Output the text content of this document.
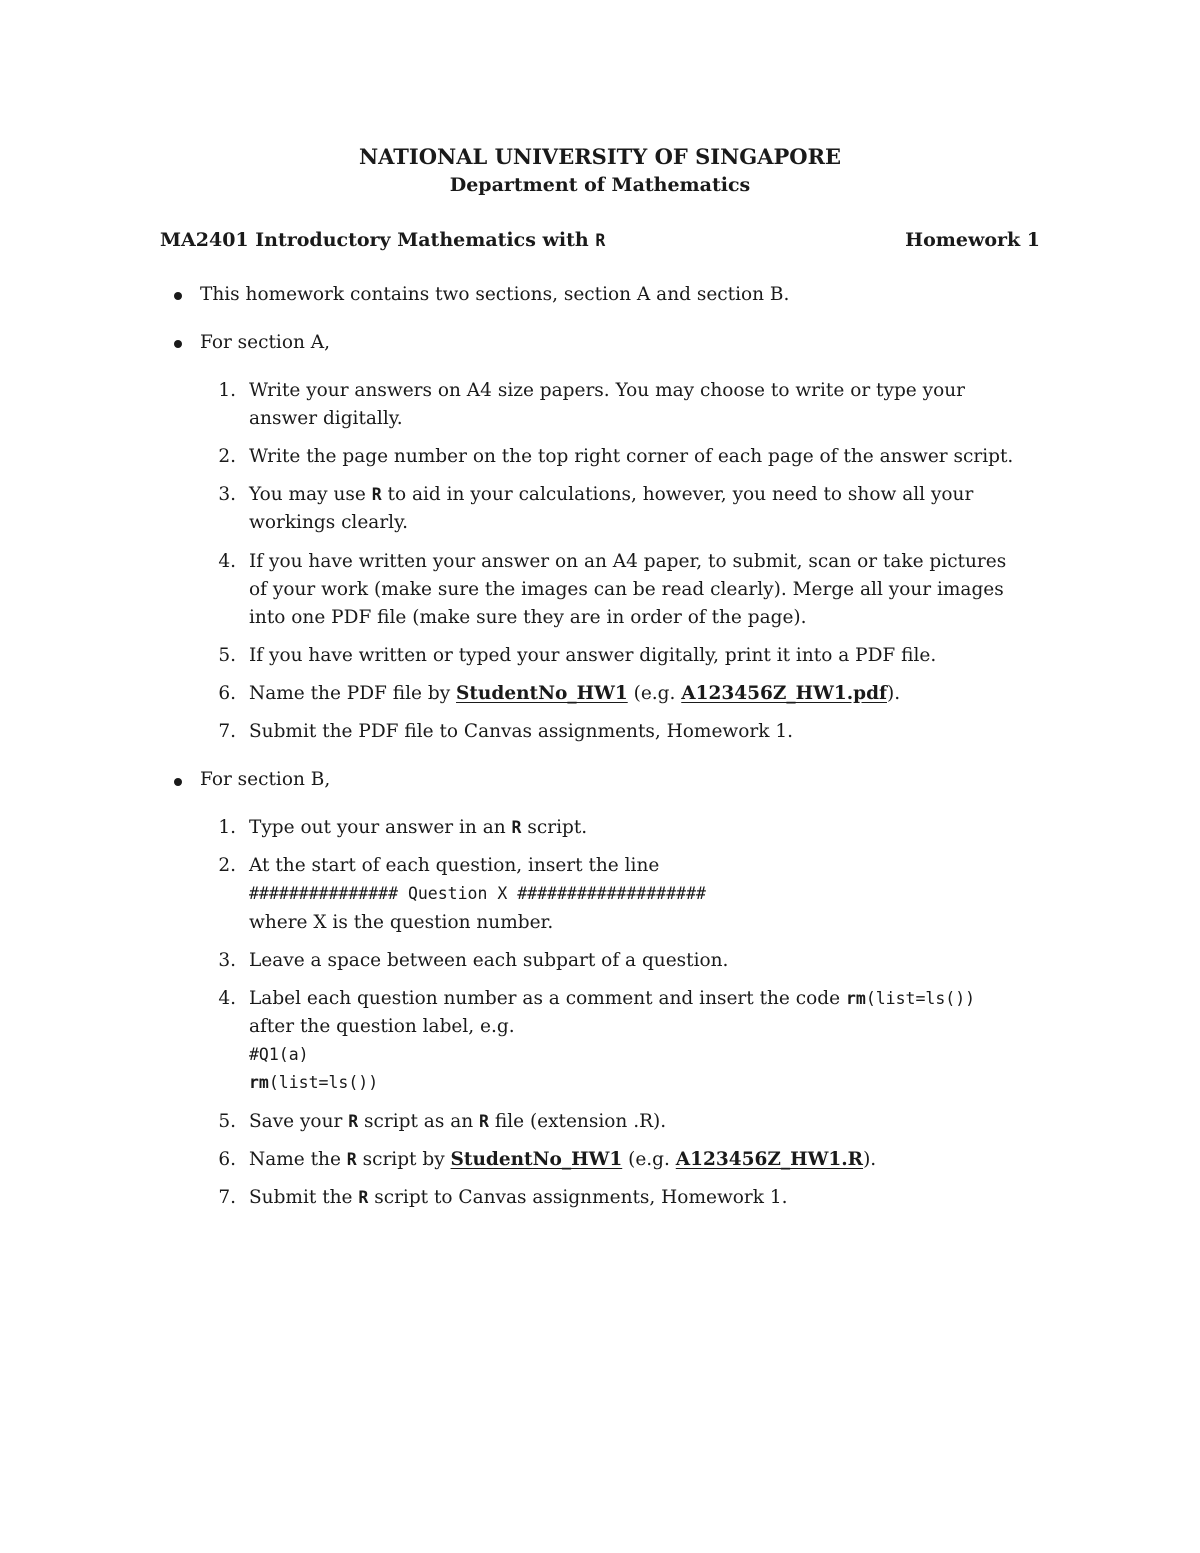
NATIONAL UNIVERSITY OF SINGAPORE
Department of Mathematics
MA2401 Introductory Mathematics with R	Homework 1
This homework contains two sections, section A and section B.
For section A,
1. Write your answers on A4 size papers. You may choose to write or type your
answer digitally.
2. Write the page number on the top right corner of each page of the answer script.
3. You may use R to aid in your calculations, however, you need to show all your
workings clearly.
4. If you have written your answer on an A4 paper, to submit, scan or take pictures
of your work (make sure the images can be read clearly). Merge all your images
into one PDF file (make sure they are in order of the page).
5. If you have written or typed your answer digitally, print it into a PDF file.
6. Name the PDF file by StudentNo_HW1 (e.g. A123456Z_HW1.pdf).
7. Submit the PDF file to Canvas assignments, Homework 1.
For section B,
1. Type out your answer in an R script.
2. At the start of each question, insert the line
############### Question X ###################
where X is the question number.
3. Leave a space between each subpart of a question.
4. Label each question number as a comment and insert the code rm(list=ls())
after the question label, e.g.
#Q1(a)
rm(list=ls())
5. Save your R script as an R file (extension .R).
6. Name the R script by StudentNo_HW1 (e.g. A123456Z_HW1.R).
7. Submit the R script to Canvas assignments, Homework 1.
